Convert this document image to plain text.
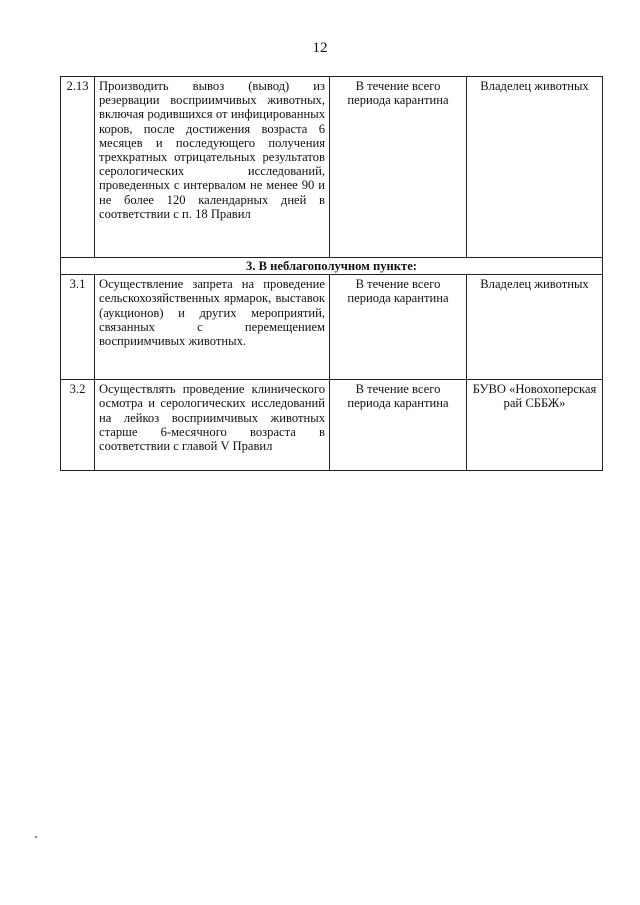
12
2.13	Производить вывоз (вывод) из резервации восприимчивых животных, включая родившихся от инфицированных коров, после достижения возраста 6 месяцев и последующего получения трехкратных отрицательных результатов серологических исследований, проведенных с интервалом не менее 90 и не более 120 календарных дней в соответствии с п. 18 Правил	В течение всего периода карантина	Владелец животных
3. В неблагополучном пункте:			
3.1	Осуществление запрета на проведение сельскохозяйственных ярмарок, выставок (аукционов) и других мероприятий, связанных с перемещением восприимчивых животных.	В течение всего периода карантина	Владелец животных
3.2	Осуществлять проведение клинического осмотра и серологических исследований на лейкоз восприимчивых животных старше 6-месячного возраста в соответствии с главой V Правил	В течение всего периода карантина	БУВО «Новохоперская рай СББЖ»
